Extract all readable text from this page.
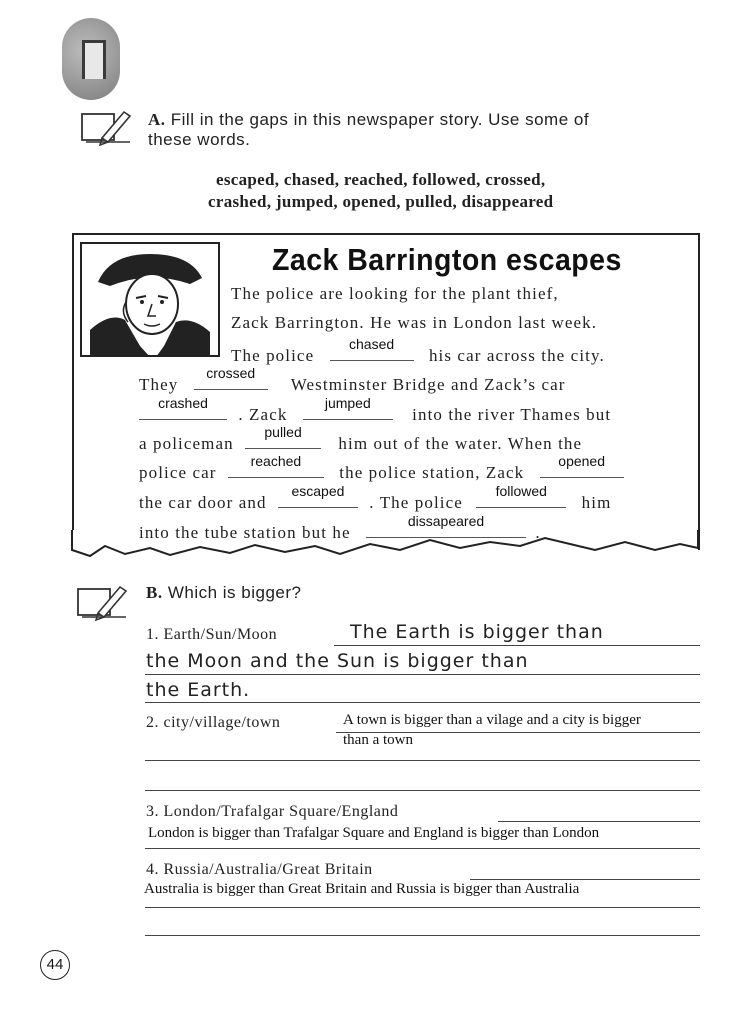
A. Fill in the gaps in this newspaper story. Use some of
these words.
escaped, chased, reached, followed, crossed,
crashed, jumped, opened, pulled, disappeared
Zack Barrington escapes
The police are looking for the plant thief,
Zack Barrington. He was in London last week.
The police
chased
his car across the city.
They
crossed
Westminster Bridge and Zack’s car
crashed
. Zack
jumped
into the river Thames but
a policeman
pulled
him out of the water. When the
police car
reached
the police station, Zack
opened
the car door and
escaped
. The police
followed
him
into the tube station but he
dissapeared
.
B. Which is bigger?
1. Earth/Sun/Moon	The Earth is bigger than
the Moon and the Sun is bigger than
the Earth.
2. city/village/town	A town is bigger than a vilage and a city is bigger
than a town
3. London/Trafalgar Square/England
London is bigger than Trafalgar Square and England is bigger than London
4. Russia/Australia/Great Britain
Australia is bigger than Great Britain and Russia is bigger than Australia
44
